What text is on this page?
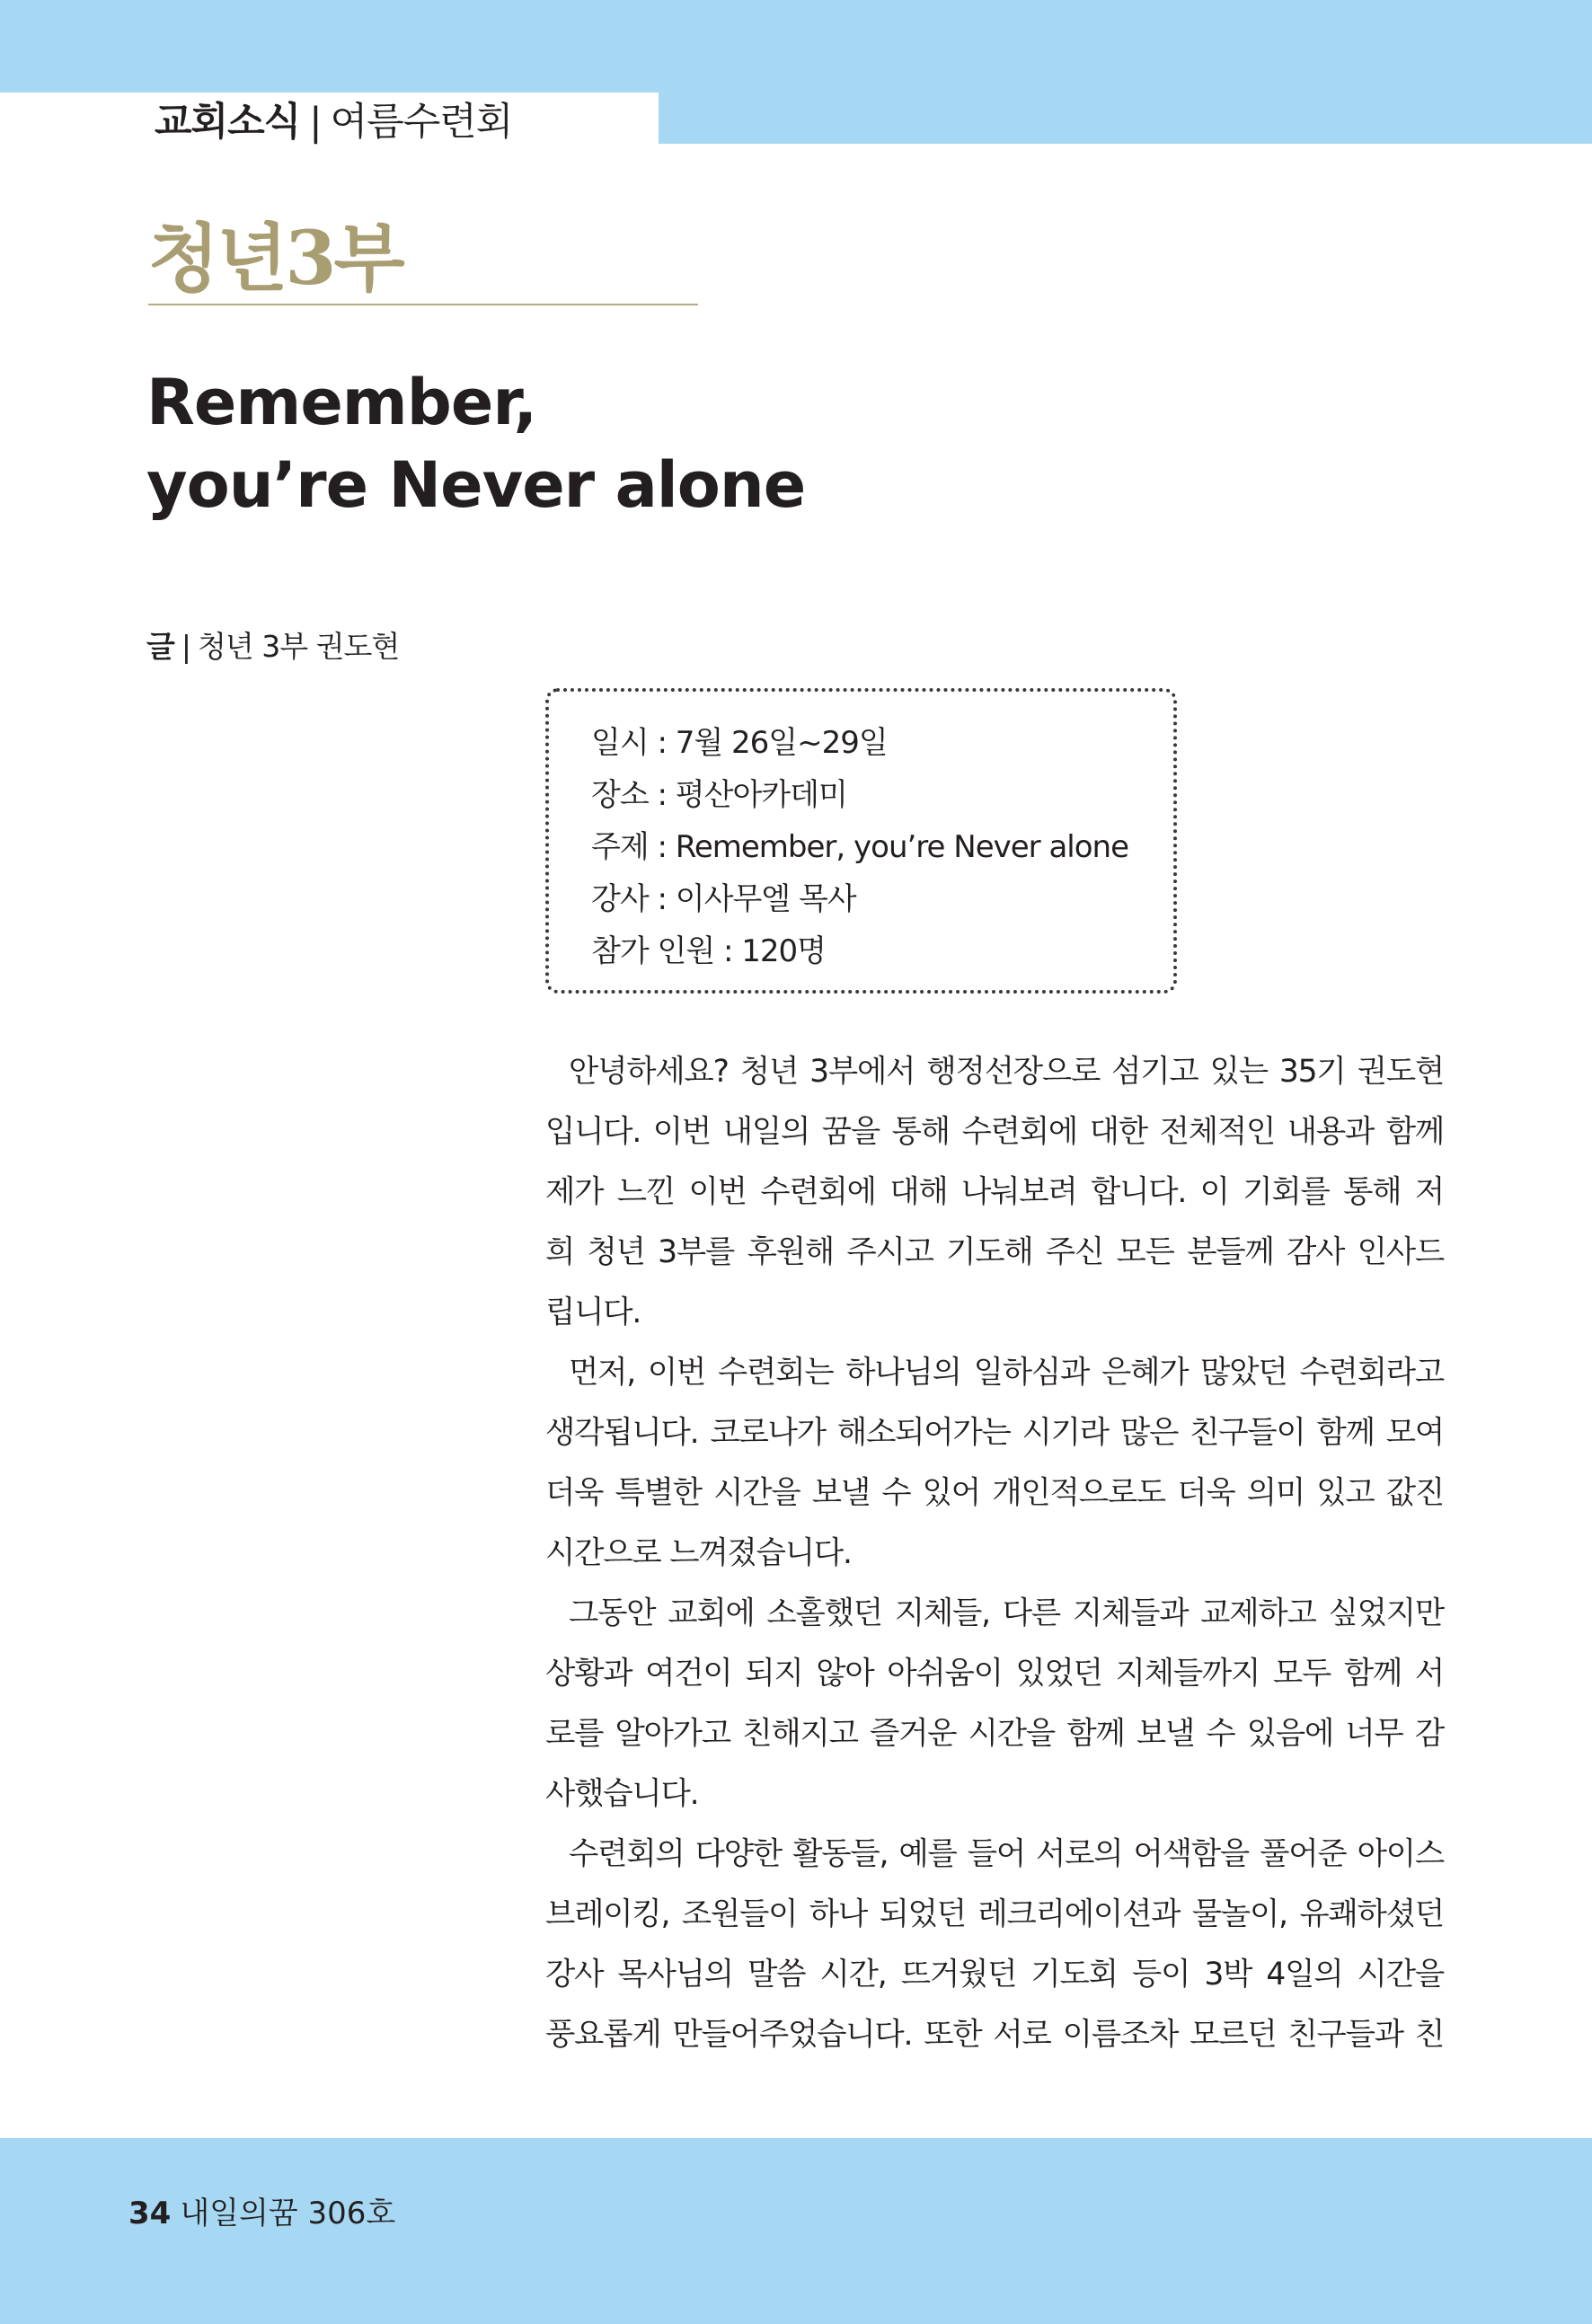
교회소식 | 여름수련회
청년3부
Remember,
you’re Never alone
글 | 청년 3부 권도현
일시 : 7월 26일~29일
장소 : 평산아카데미
주제 : Remember, you’re Never alone
강사 : 이사무엘 목사
참가 인원 : 120명
안녕하세요? 청년 3부에서 행정선장으로 섬기고 있는 35기 권도현
입니다. 이번 내일의 꿈을 통해 수련회에 대한 전체적인 내용과 함께
제가 느낀 이번 수련회에 대해 나눠보려 합니다. 이 기회를 통해 저
희 청년 3부를 후원해 주시고 기도해 주신 모든 분들께 감사 인사드
립니다.
먼저, 이번 수련회는 하나님의 일하심과 은혜가 많았던 수련회라고
생각됩니다. 코로나가 해소되어가는 시기라 많은 친구들이 함께 모여
더욱 특별한 시간을 보낼 수 있어 개인적으로도 더욱 의미 있고 값진
시간으로 느껴졌습니다.
그동안 교회에 소홀했던 지체들, 다른 지체들과 교제하고 싶었지만
상황과 여건이 되지 않아 아쉬움이 있었던 지체들까지 모두 함께 서
로를 알아가고 친해지고 즐거운 시간을 함께 보낼 수 있음에 너무 감
사했습니다.
수련회의 다양한 활동들, 예를 들어 서로의 어색함을 풀어준 아이스
브레이킹, 조원들이 하나 되었던 레크리에이션과 물놀이, 유쾌하셨던
강사 목사님의 말씀 시간, 뜨거웠던 기도회 등이 3박 4일의 시간을
풍요롭게 만들어주었습니다. 또한 서로 이름조차 모르던 친구들과 친
34 내일의꿈 306호
